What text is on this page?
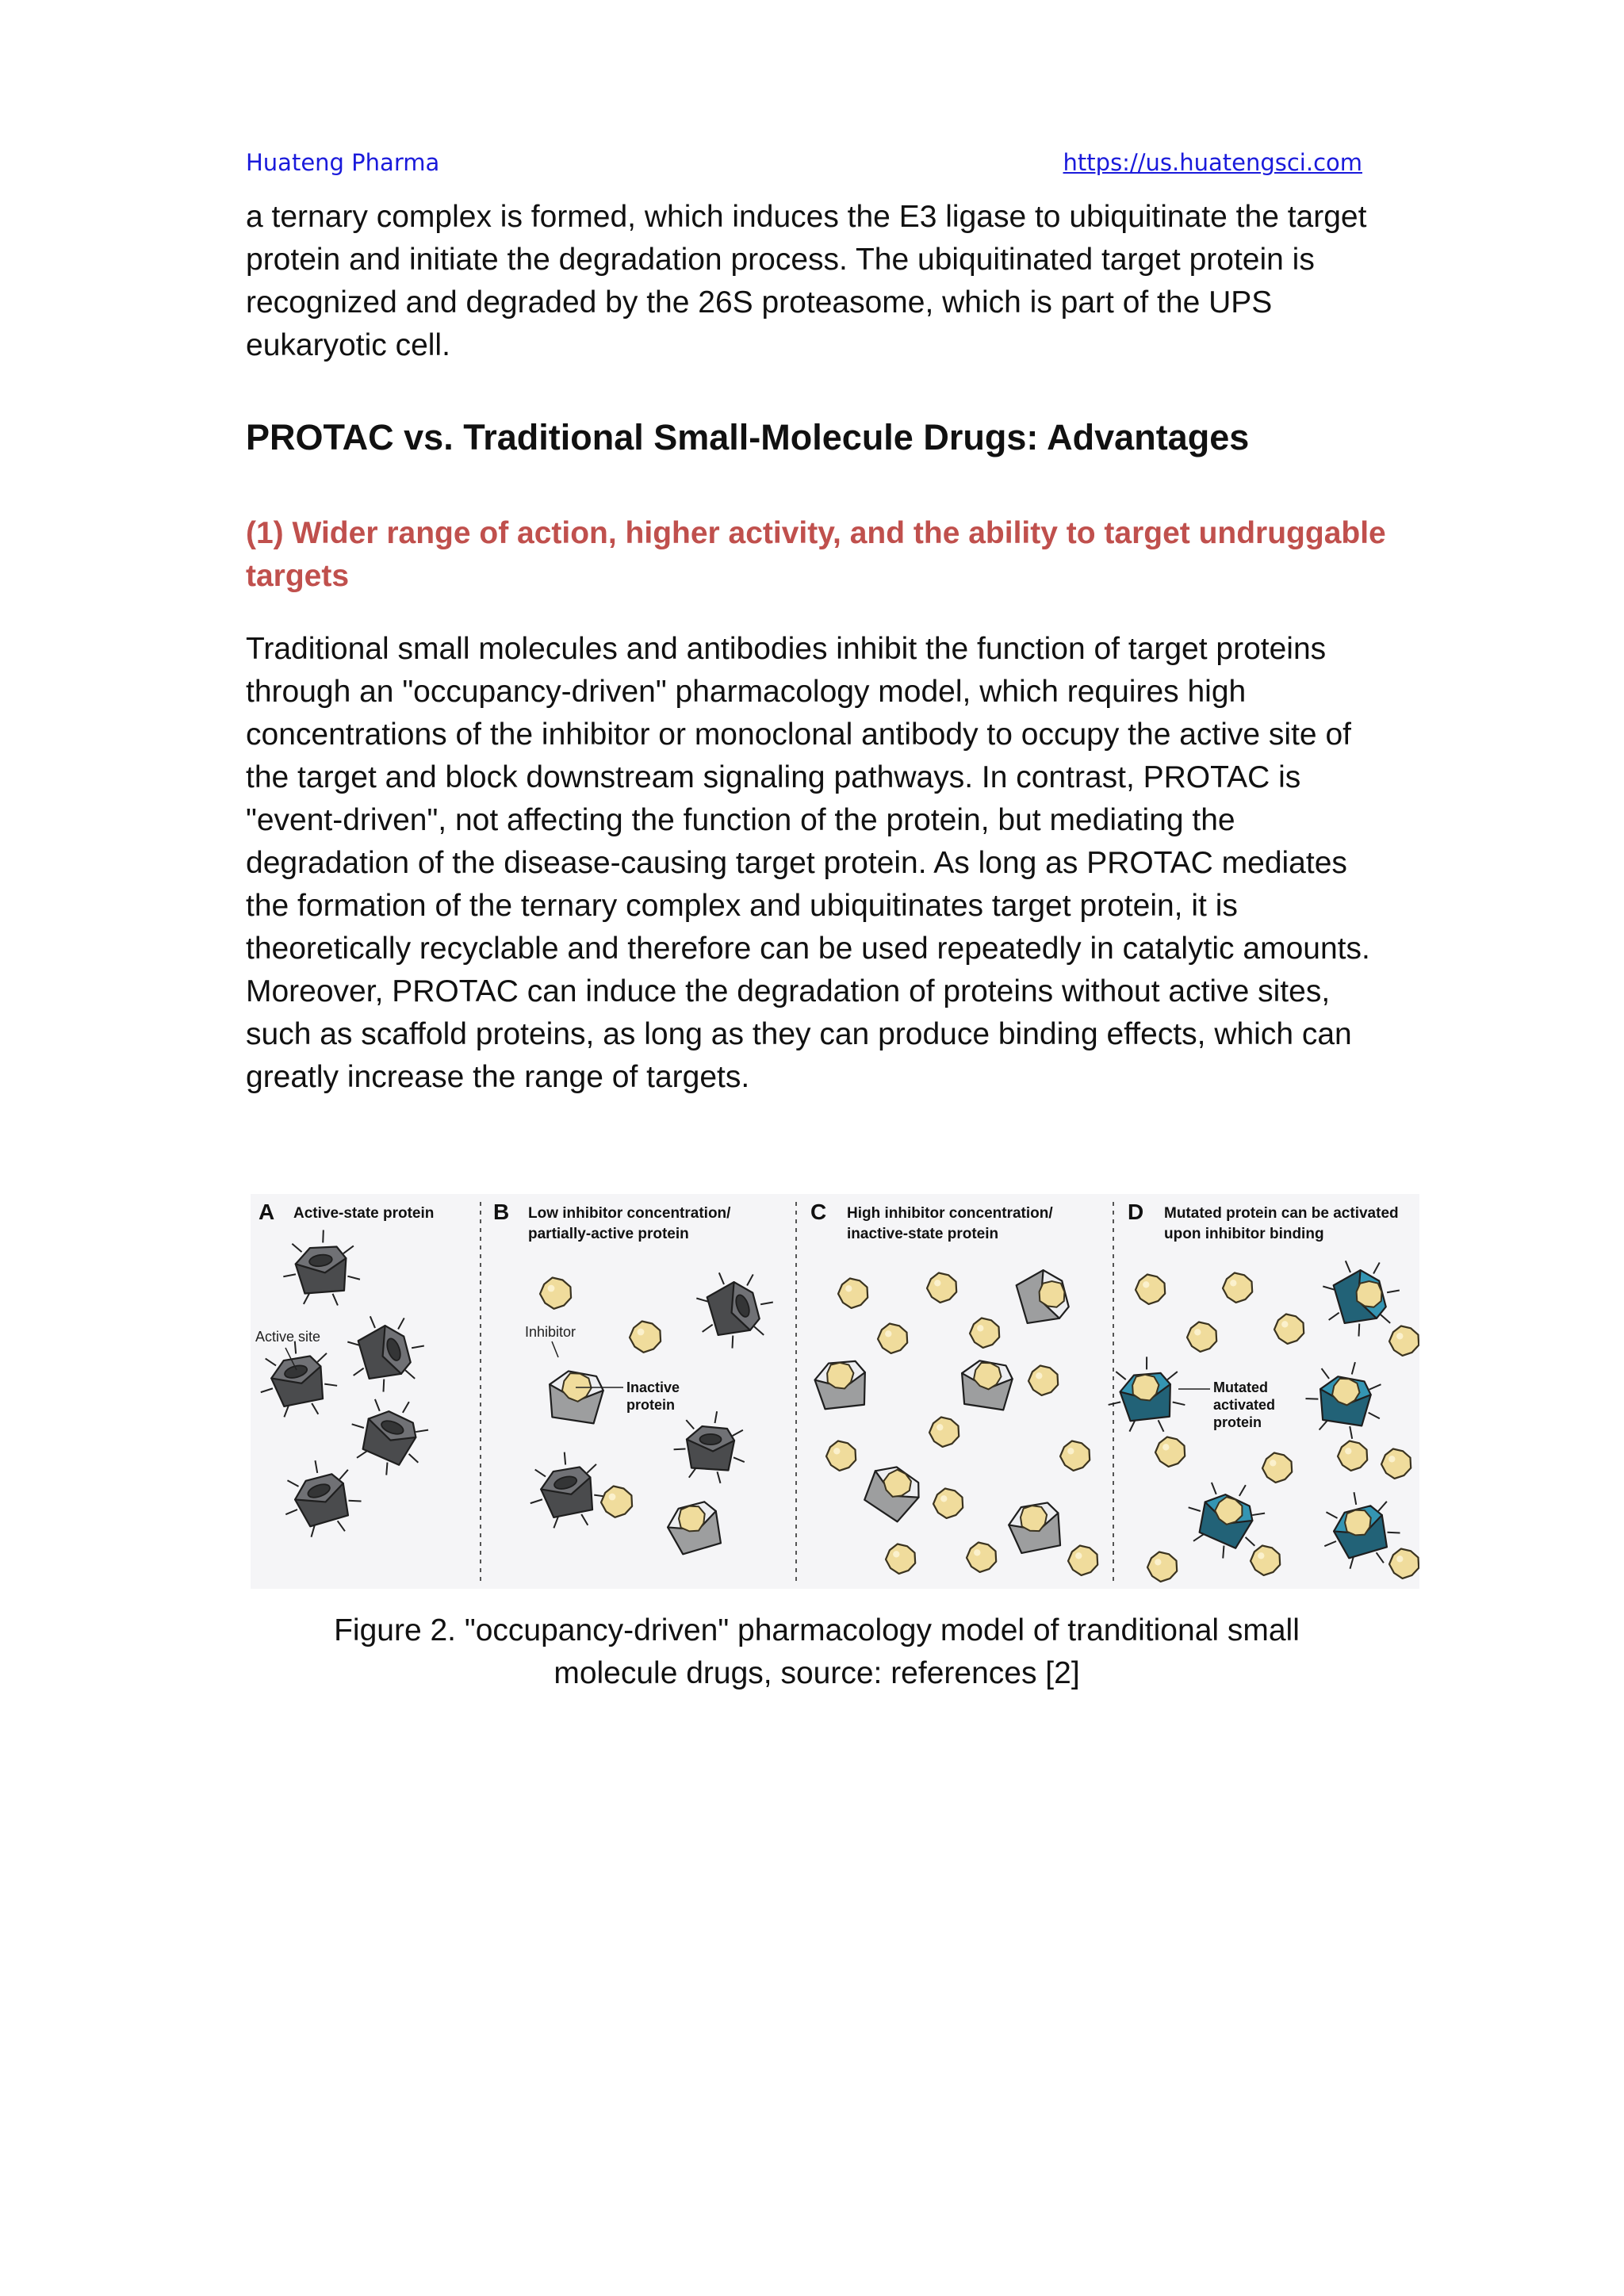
Huateng Pharma	https://us.huatengsci.com

a ternary complex is formed, which induces the E3 ligase to ubiquitinate the target protein and initiate the degradation process. The ubiquitinated target protein is recognized and degraded by the 26S proteasome, which is part of the UPS eukaryotic cell.

PROTAC vs. Traditional Small-Molecule Drugs: Advantages
(1) Wider range of action, higher activity, and the ability to target undruggable targets

Traditional small molecules and antibodies inhibit the function of target proteins through an "occupancy-driven" pharmacology model, which requires high concentrations of the inhibitor or monoclonal antibody to occupy the active site of the target and block downstream signaling pathways. In contrast, PROTAC is "event-driven", not affecting the function of the protein, but mediating the degradation of the disease-causing target protein. As long as PROTAC mediates the formation of the ternary complex and ubiquitinates target protein, it is theoretically recyclable and therefore can be used repeatedly in catalytic amounts. Moreover, PROTAC can induce the degradation of proteins without active sites, such as scaffold proteins, as long as they can produce binding effects, which can greatly increase the range of targets.

A Active-state protein	B Low inhibitor concentration/
partially-active protein
C High inhibitor concentration/
inactive-state protein
D Mutated protein can be activated
upon inhibitor binding
Active site	Inhibitor
Inactive
protein
Mutated
activated
protein

Figure 2. "occupancy-driven" pharmacology model of tranditional small
molecule drugs, source: references [2]
